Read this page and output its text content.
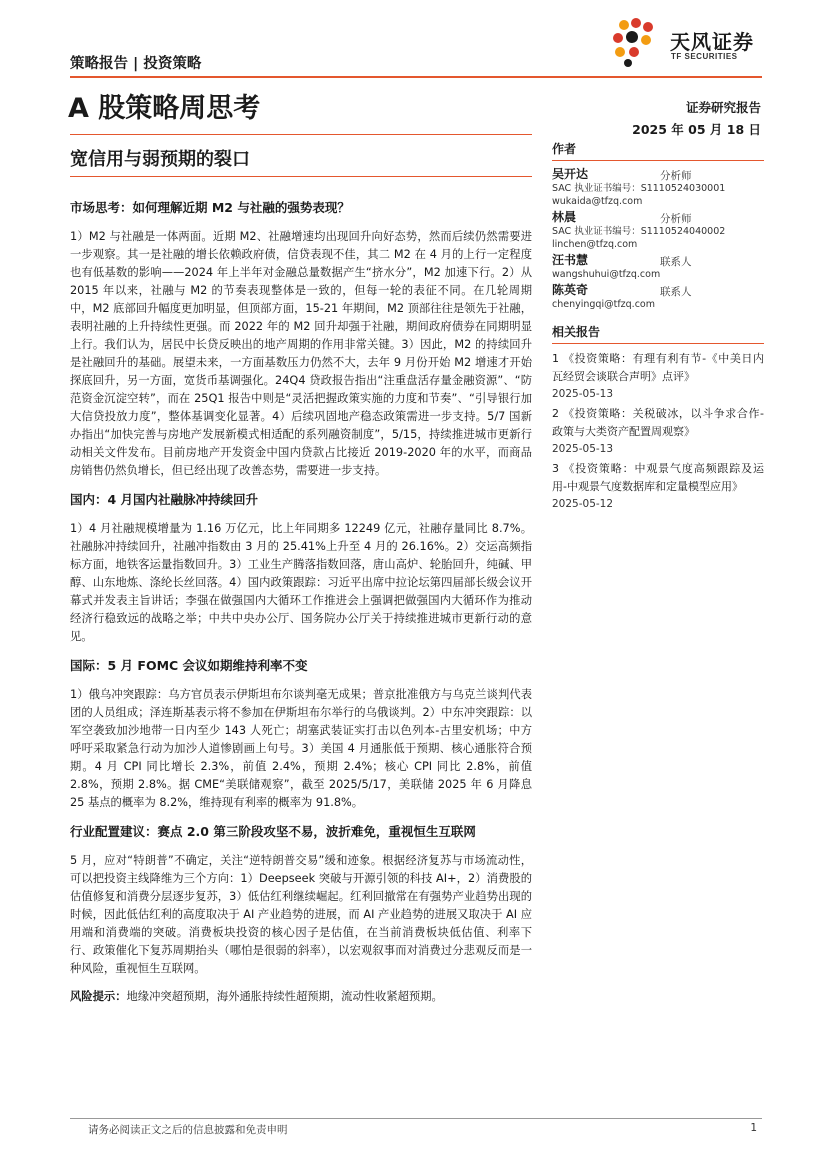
天风证券
TF SECURITIES
策略报告 | 投资策略
A 股策略周思考	证券研究报告
2025 年 05 月 18 日
宽信用与弱预期的裂口
市场思考：如何理解近期 M2 与社融的强势表现？

1）M2 与社融是一体两面。近期 M2、社融增速均出现回升向好态势，然而后续仍然需要进一步观察。其一是社融的增长依赖政府债，信贷表现不佳，其二 M2 在 4 月的上行一定程度也有低基数的影响——2024 年上半年对金融总量数据产生“挤水分”，M2 加速下行。2）从 2015 年以来，社融与 M2 的节奏表现整体是一致的，但每一轮的表征不同。在几轮周期中，M2 底部回升幅度更加明显，但顶部方面，15-21 年期间，M2 顶部往往是领先于社融，表明社融的上升持续性更强。而 2022 年的 M2 回升却强于社融，期间政府债券在同期明显上行。我们认为，居民中长贷反映出的地产周期的作用非常关键。3）因此，M2 的持续回升是社融回升的基础。展望未来，一方面基数压力仍然不大，去年 9 月份开始 M2 增速才开始探底回升，另一方面，宽货币基调强化。24Q4 贷政报告指出“注重盘活存量金融资源”、“防范资金沉淀空转”，而在 25Q1 报告中则是“灵活把握政策实施的力度和节奏”、“引导银行加大信贷投放力度”，整体基调变化显著。4）后续巩固地产稳态政策需进一步支持。5/7 国新办指出“加快完善与房地产发展新模式相适配的系列融资制度”，5/15，持续推进城市更新行动相关文件发布。目前房地产开发资金中国内贷款占比接近 2019-2020 年的水平，而商品房销售仍然负增长，但已经出现了改善态势，需要进一步支持。

国内：4 月国内社融脉冲持续回升

1）4 月社融规模增量为 1.16 万亿元，比上年同期多 12249 亿元，社融存量同比 8.7%。社融脉冲持续回升，社融冲指数由 3 月的 25.41%上升至 4 月的 26.16%。2）交运高频指标方面，地铁客运量指数回升。3）工业生产腾落指数回落，唐山高炉、轮胎回升，纯碱、甲醇、山东地炼、涤纶长丝回落。4）国内政策跟踪：习近平出席中拉论坛第四届部长级会议开幕式并发表主旨讲话；李强在做强国内大循环工作推进会上强调把做强国内大循环作为推动经济行稳致远的战略之举；中共中央办公厅、国务院办公厅关于持续推进城市更新行动的意见。

国际：5 月 FOMC 会议如期维持利率不变

1）俄乌冲突跟踪：乌方官员表示伊斯坦布尔谈判毫无成果；普京批准俄方与乌克兰谈判代表团的人员组成；泽连斯基表示将不参加在伊斯坦布尔举行的乌俄谈判。2）中东冲突跟踪：以军空袭致加沙地带一日内至少 143 人死亡；胡塞武装证实打击以色列本-古里安机场；中方呼吁采取紧急行动为加沙人道惨剧画上句号。3）美国 4 月通胀低于预期、核心通胀符合预期。4 月 CPI 同比增长 2.3%，前值 2.4%，预期 2.4%；核心 CPI 同比 2.8%，前值 2.8%，预期 2.8%。据 CME“美联储观察”，截至 2025/5/17，美联储 2025 年 6 月降息 25 基点的概率为 8.2%，维持现有利率的概率为 91.8%。

行业配置建议：赛点 2.0 第三阶段攻坚不易，波折难免，重视恒生互联网

5 月，应对“特朗普”不确定，关注“逆特朗普交易”缓和迹象。根据经济复苏与市场流动性，可以把投资主线降维为三个方向：1）Deepseek 突破与开源引领的科技 AI+，2）消费股的估值修复和消费分层逐步复苏，3）低估红利继续崛起。红利回撤常在有强势产业趋势出现的时候，因此低估红利的高度取决于 AI 产业趋势的进展，而 AI 产业趋势的进展又取决于 AI 应用端和消费端的突破。消费板块投资的核心因子是估值，在当前消费板块低估值、利率下行、政策催化下复苏周期抬头（哪怕是很弱的斜率），以宏观叙事而对消费过分悲观反而是一种风险，重视恒生互联网。

风险提示：地缘冲突超预期，海外通胀持续性超预期，流动性收紧超预期。

作者
吴开达	分析师
SAC 执业证书编号：S1110524030001
wukaida@tfzq.com
林晨	分析师
SAC 执业证书编号：S1110524040002
linchen@tfzq.com
汪书慧	联系人
wangshuhui@tfzq.com
陈英奇	联系人
chenyingqi@tfzq.com
相关报告
1 《投资策略：有理有利有节-《中美日内瓦经贸会谈联合声明》点评》
2025-05-13
2 《投资策略：关税破冰，以斗争求合作-政策与大类资产配置周观察》
2025-05-13
3 《投资策略：中观景气度高频跟踪及运用-中观景气度数据库和定量模型应用》
2025-05-12
请务必阅读正文之后的信息披露和免责申明	1
